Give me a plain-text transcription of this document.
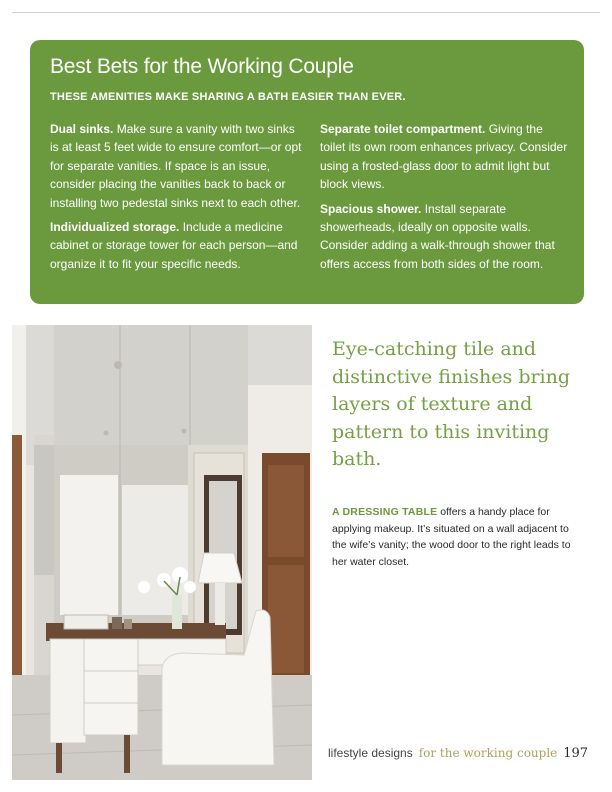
Best Bets for the Working Couple
THESE AMENITIES MAKE SHARING A BATH EASIER THAN EVER.

Dual sinks. Make sure a vanity with two sinks is at least 5 feet wide to ensure comfort—or opt for separate vanities. If space is an issue, consider placing the vanities back to back or installing two pedestal sinks next to each other.

Individualized storage. Include a medicine cabinet or storage tower for each person—and organize it to fit your specific needs.

Separate toilet compartment. Giving the toilet its own room enhances privacy. Consider using a frosted-glass door to admit light but block views.

Spacious shower. Install separate showerheads, ideally on opposite walls. Consider adding a walk-through shower that offers access from both sides of the room.

Eye-catching tile and distinctive finishes bring layers of texture and pattern to this inviting bath.
A DRESSING TABLE offers a handy place for applying makeup. It’s situated on a wall adjacent to the wife’s vanity; the wood door to the right leads to her water closet.
lifestyle designs for the working couple 197
